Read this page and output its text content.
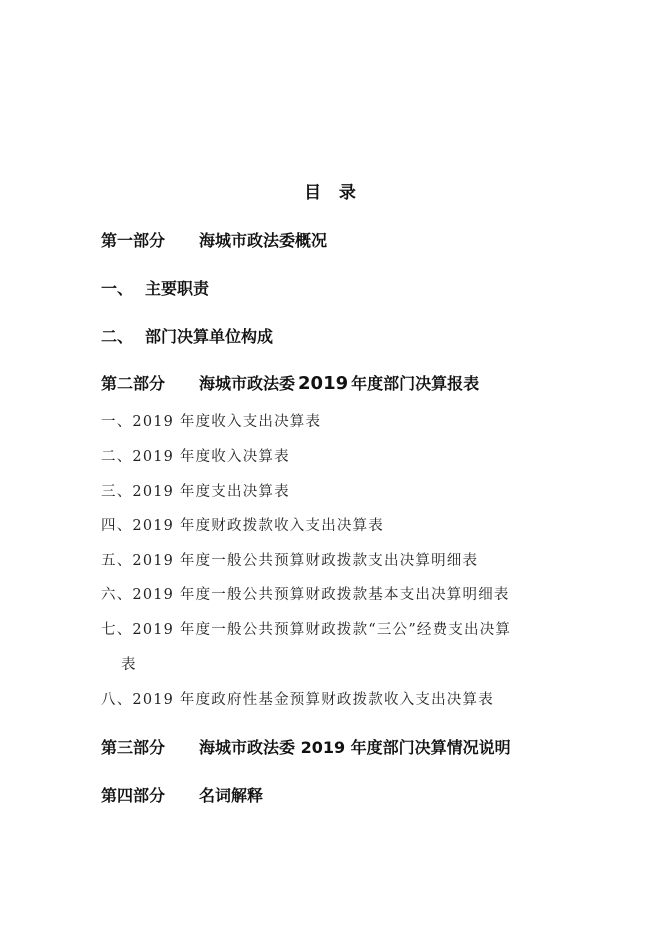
目  录
第一部分 海城市政法委概况
一、 主要职责
二、 部门决算单位构成
第二部分 海城市政法委 2019 年度部门决算报表
一、2019 年度收入支出决算表
二、2019 年度收入决算表
三、2019 年度支出决算表
四、2019 年度财政拨款收入支出决算表
五、2019 年度一般公共预算财政拨款支出决算明细表
六、2019 年度一般公共预算财政拨款基本支出决算明细表
七、2019 年度一般公共预算财政拨款“三公”经费支出决算
表
八、2019 年度政府性基金预算财政拨款收入支出决算表
第三部分 海城市政法委 2019 年度部门决算情况说明
第四部分 名词解释
